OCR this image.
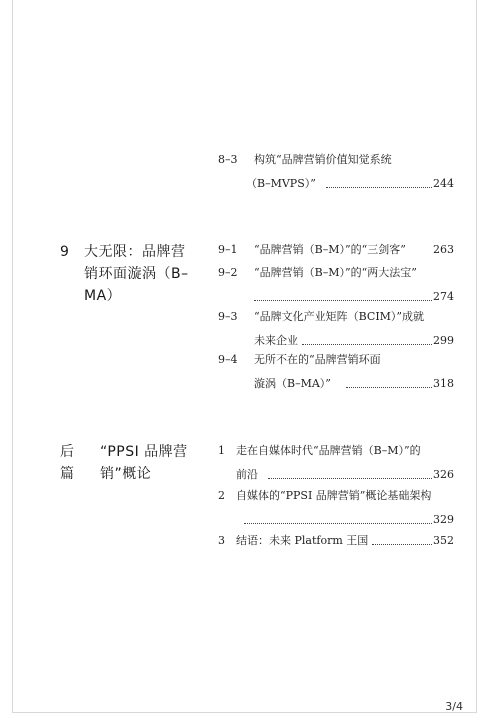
8–3 构筑“品牌营销价值知觉系统
（B–MVPS）”	244
9 大无限：品牌营销环面漩涡（B–MA）
9–1 “品牌营销（B–M）”的“三剑客” 263
9–2 “品牌营销（B–M）”的“两大法宝”
274
9–3 “品牌文化产业矩阵（BCIM）”成就
未来企业	299
9–4 无所不在的“品牌营销环面
漩涡（B–MA）”	318
后篇
“PPSI 品牌营销”概论
1 走在自媒体时代“品牌营销（B–M）”的
前沿	326
2 自媒体的“PPSI 品牌营销”概论基础架构
329
3 结语：未来 Platform 王国	352
3/4
